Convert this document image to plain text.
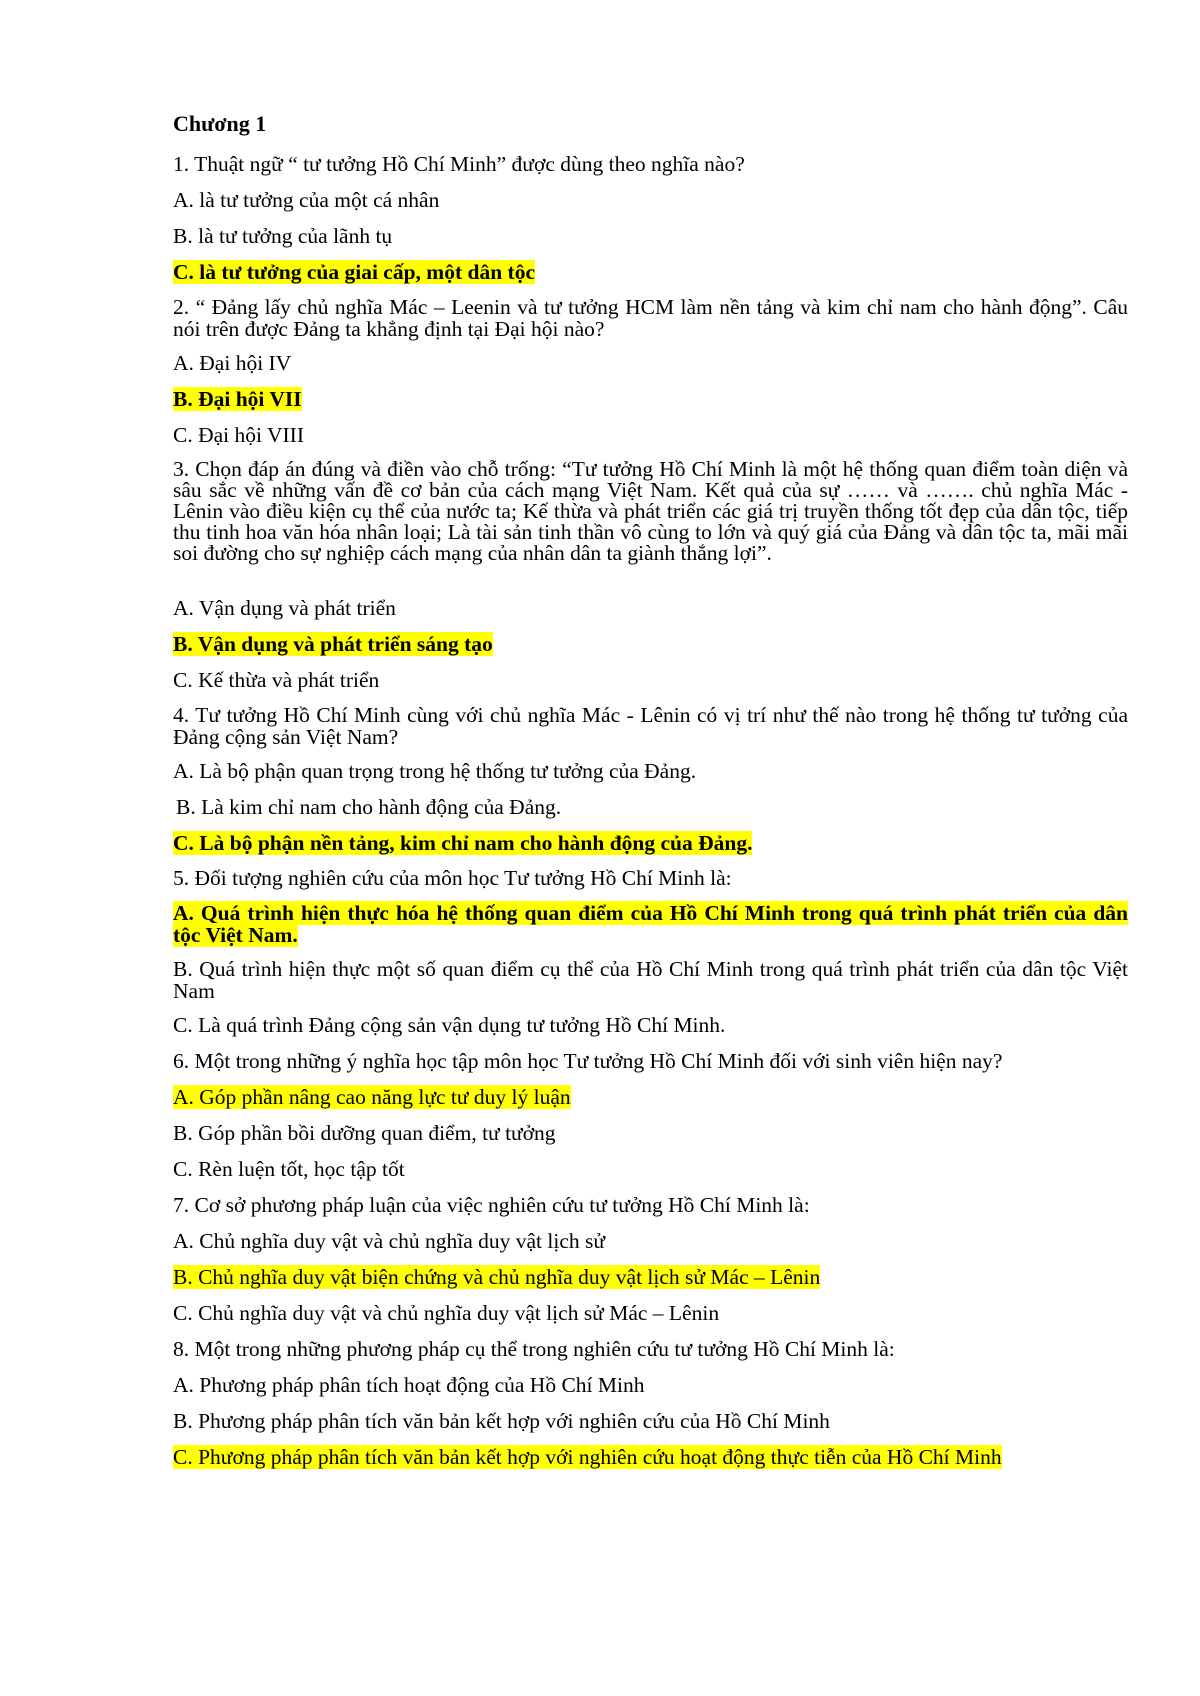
Chương 1
1. Thuật ngữ “ tư tưởng Hồ Chí Minh” được dùng theo nghĩa nào?
A. là tư tưởng của một cá nhân
B. là tư tưởng của lãnh tụ
C. là tư tưởng của giai cấp, một dân tộc
2. “ Đảng lấy chủ nghĩa Mác – Leenin và tư tưởng HCM làm nền tảng và kim chỉ nam cho hành động”. Câu nói trên được Đảng ta khẳng định tại Đại hội nào?
A. Đại hội IV
B. Đại hội VII
C. Đại hội VIII
3. Chọn đáp án đúng và điền vào chỗ trống: “Tư tưởng Hồ Chí Minh là một hệ thống quan điểm toàn diện và sâu sắc về những vấn đề cơ bản của cách mạng Việt Nam. Kết quả của sự …… và ……. chủ nghĩa Mác - Lênin vào điều kiện cụ thể của nước ta; Kế thừa và phát triển các giá trị truyền thống tốt đẹp của dân tộc, tiếp thu tinh hoa văn hóa nhân loại; Là tài sản tinh thần vô cùng to lớn và quý giá của Đảng và dân tộc ta, mãi mãi soi đường cho sự nghiệp cách mạng của nhân dân ta giành thắng lợi”.
A. Vận dụng và phát triển
B. Vận dụng và phát triển sáng tạo
C. Kế thừa và phát triển
4. Tư tưởng Hồ Chí Minh cùng với chủ nghĩa Mác - Lênin có vị trí như thế nào trong hệ thống tư tưởng của Đảng cộng sản Việt Nam?
A. Là bộ phận quan trọng trong hệ thống tư tưởng của Đảng.
B. Là kim chỉ nam cho hành động của Đảng.
C. Là bộ phận nền tảng, kim chỉ nam cho hành động của Đảng.
5. Đối tượng nghiên cứu của môn học Tư tưởng Hồ Chí Minh là:
A. Quá trình hiện thực hóa hệ thống quan điểm của Hồ Chí Minh trong quá trình phát triển của dân tộc Việt Nam.
B. Quá trình hiện thực một số quan điểm cụ thể của Hồ Chí Minh trong quá trình phát triển của dân tộc Việt Nam
C. Là quá trình Đảng cộng sản vận dụng tư tưởng Hồ Chí Minh.
6. Một trong những ý nghĩa học tập môn học Tư tưởng Hồ Chí Minh đối với sinh viên hiện nay?
A. Góp phần nâng cao năng lực tư duy lý luận
B. Góp phần bồi dưỡng quan điểm, tư tưởng
C. Rèn luện tốt, học tập tốt
7. Cơ sở phương pháp luận của việc nghiên cứu tư tưởng Hồ Chí Minh là:
A. Chủ nghĩa duy vật và chủ nghĩa duy vật lịch sử
B. Chủ nghĩa duy vật biện chứng và chủ nghĩa duy vật lịch sử Mác – Lênin
C. Chủ nghĩa duy vật và chủ nghĩa duy vật lịch sử Mác – Lênin
8. Một trong những phương pháp cụ thể trong nghiên cứu tư tưởng Hồ Chí Minh là:
A. Phương pháp phân tích hoạt động của Hồ Chí Minh
B. Phương pháp phân tích văn bản kết hợp với nghiên cứu của Hồ Chí Minh
C. Phương pháp phân tích văn bản kết hợp với nghiên cứu hoạt động thực tiễn của Hồ Chí Minh
